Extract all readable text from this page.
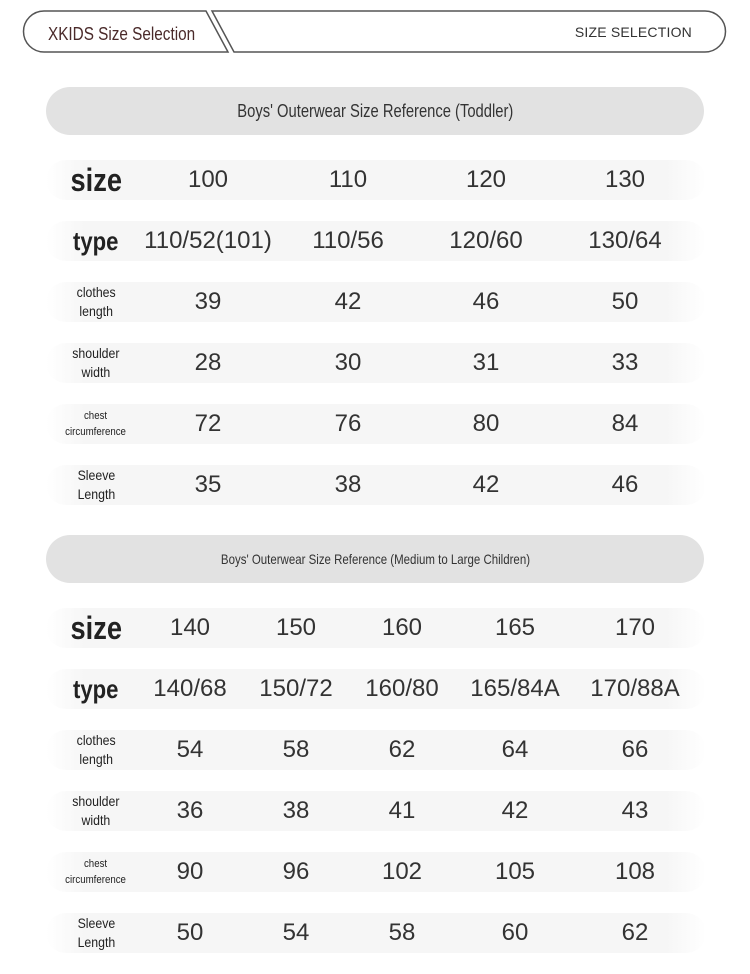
XKIDS Size Selection	SIZE SELECTION
Boys' Outerwear Size Reference (Toddler)
size	100	110	120	130
type 110/52(101) 110/56	120/60	130/64
clothes
length	39	42	46	50
shoulder
width	28	30	31	33
chest
circumference	72	76	80	84
Sleeve
Length	35	38	42	46
Boys' Outerwear Size Reference (Medium to Large Children)
size 140	150	160	165	170
type 140/68 150/72 160/80 165/84A 170/88A
clothes
length	54	58	62	64	66
shoulder
width	36	38	41	42	43
chest
circumference 90	96	102	105	108
Sleeve
Length	50	54	58	60	62
